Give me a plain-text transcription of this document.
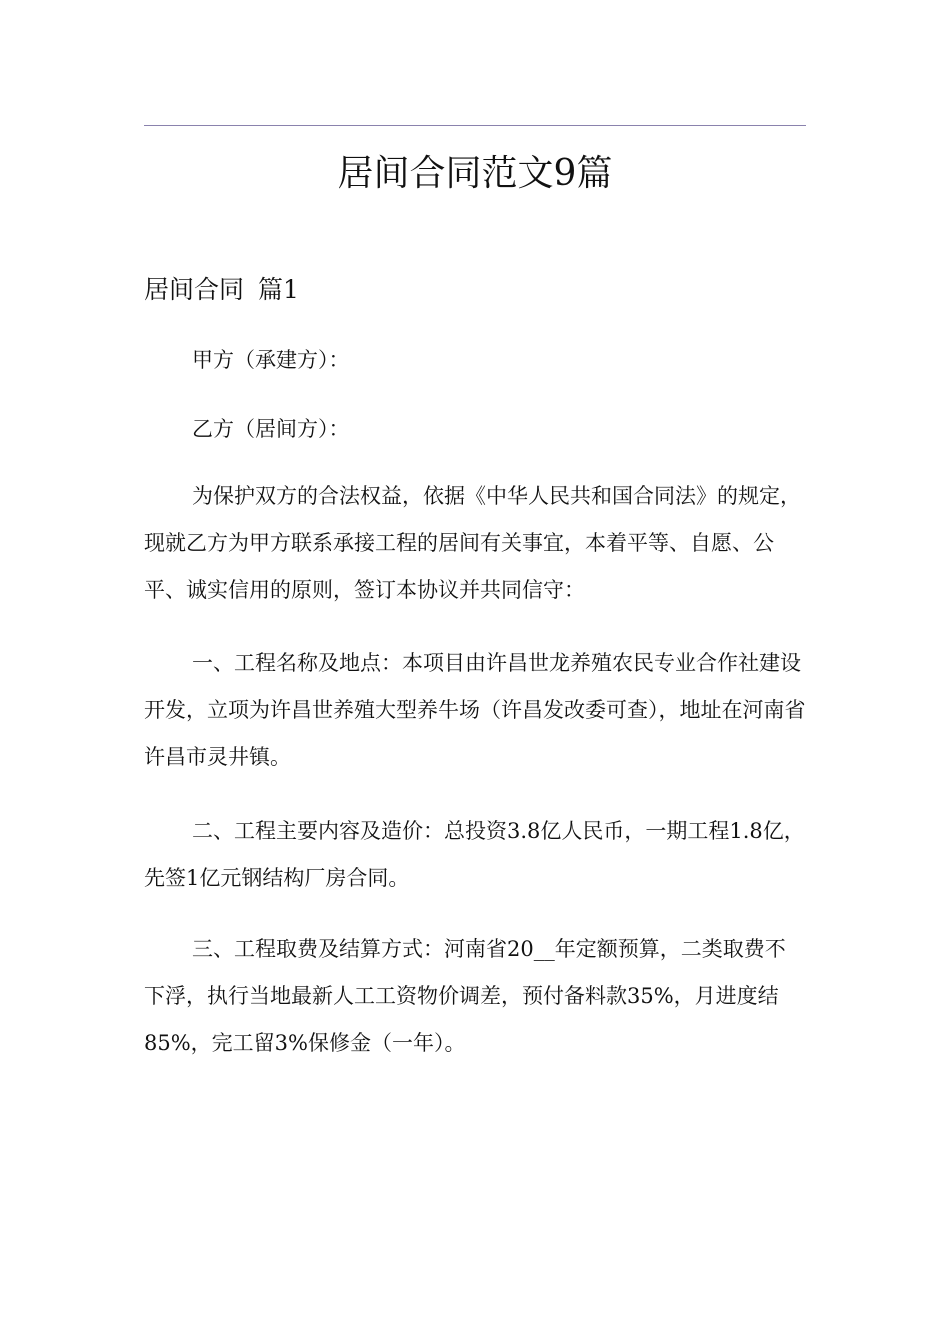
居间合同范文9篇
居间合同 篇1

甲方（承建方）：

乙方（居间方）：

为保护双方的合法权益，依据《中华人民共和国合同法》的规定，现就乙方为甲方联系承接工程的居间有关事宜，本着平等、自愿、公平、诚实信用的原则，签订本协议并共同信守：

一、工程名称及地点：本项目由许昌世龙养殖农民专业合作社建设开发，立项为许昌世养殖大型养牛场（许昌发改委可查），地址在河南省许昌市灵井镇。

二、工程主要内容及造价：总投资3.8亿人民币，一期工程1.8亿，先签1亿元钢结构厂房合同。

三、工程取费及结算方式：河南省20__年定额预算，二类取费不下浮，执行当地最新人工工资物价调差，预付备料款35%，月进度结85%，完工留3%保修金（一年）。
